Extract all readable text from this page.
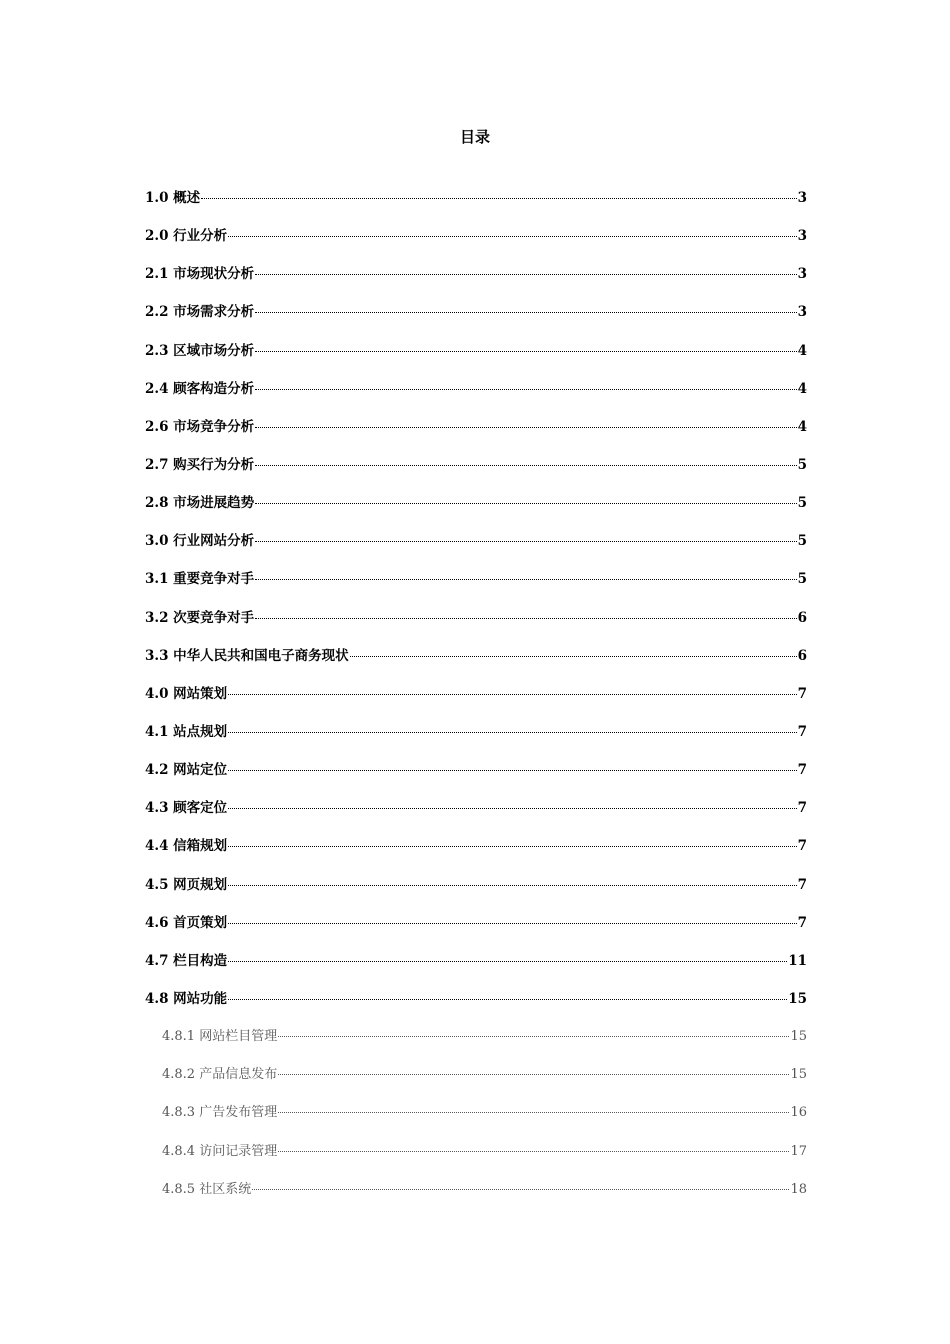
目录
1.0 概述	3
2.0 行业分析	3
2.1 市场现状分析	3
2.2 市场需求分析	3
2.3 区域市场分析	4
2.4 顾客构造分析	4
2.6 市场竞争分析	4
2.7 购买行为分析	5
2.8 市场进展趋势	5
3.0 行业网站分析	5
3.1 重要竞争对手	5
3.2 次要竞争对手	6
3.3 中华人民共和国电子商务现状	6
4.0 网站策划	7
4.1 站点规划	7
4.2 网站定位	7
4.3 顾客定位	7
4.4 信箱规划	7
4.5 网页规划	7
4.6 首页策划	7
4.7 栏目构造	11
4.8 网站功能	15
4.8.1 网站栏目管理	15
4.8.2 产品信息发布	15
4.8.3 广告发布管理	16
4.8.4 访问记录管理	17
4.8.5 社区系统	18
